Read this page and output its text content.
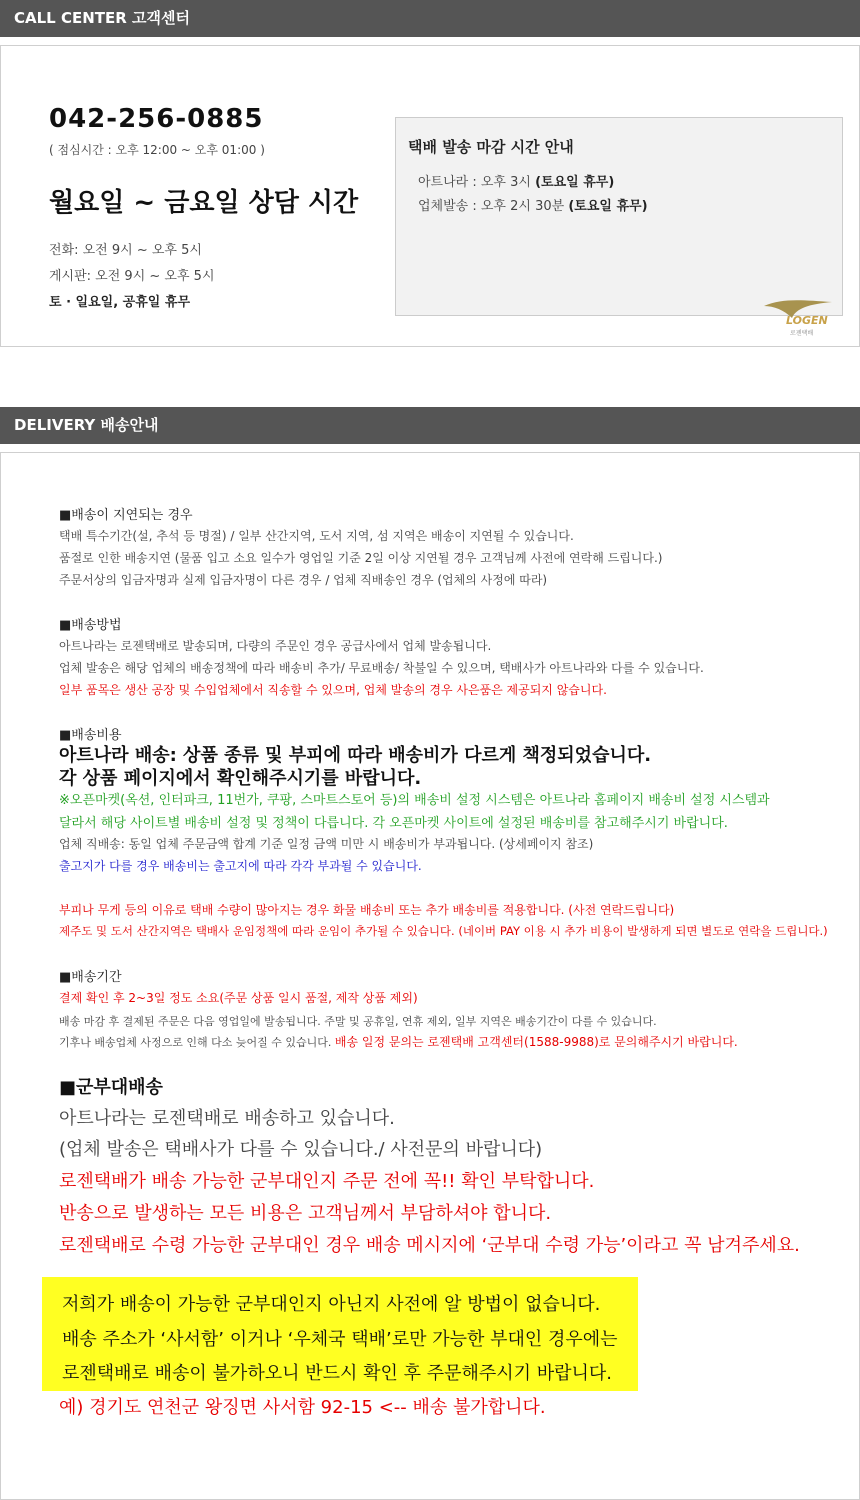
CALL CENTER 고객센터
042-256-0885
( 점심시간 : 오후 12:00 ~ 오후 01:00 )
월요일 ~ 금요일 상담 시간
전화: 오전 9시 ~ 오후 5시
게시판: 오전 9시 ~ 오후 5시
토 · 일요일, 공휴일 휴무
택배 발송 마감 시간 안내
아트나라 : 오후 3시 (토요일 휴무)
업체발송 : 오후 2시 30분 (토요일 휴무)
LOGEN
로젠택배
DELIVERY 배송안내
■배송이 지연되는 경우
택배 특수기간(설, 추석 등 명절) / 일부 산간지역, 도서 지역, 섬 지역은 배송이 지연될 수 있습니다.
품절로 인한 배송지연 (물품 입고 소요 일수가 영업일 기준 2일 이상 지연될 경우 고객님께 사전에 연락해 드립니다.)
주문서상의 입금자명과 실제 입금자명이 다른 경우 / 업체 직배송인 경우 (업체의 사정에 따라)
■배송방법
아트나라는 로젠택배로 발송되며, 다량의 주문인 경우 공급사에서 업체 발송됩니다.
업체 발송은 해당 업체의 배송정책에 따라 배송비 추가/ 무료배송/ 착불일 수 있으며, 택배사가 아트나라와 다를 수 있습니다.
일부 품목은 생산 공장 및 수입업체에서 직송할 수 있으며, 업체 발송의 경우 사은품은 제공되지 않습니다.
■배송비용
아트나라 배송: 상품 종류 및 부피에 따라 배송비가 다르게 책정되었습니다.
각 상품 페이지에서 확인해주시기를 바랍니다.
※오픈마켓(옥션, 인터파크, 11번가, 쿠팡, 스마트스토어 등)의 배송비 설정 시스템은 아트나라 홈페이지 배송비 설정 시스템과
달라서 해당 사이트별 배송비 설정 및 정책이 다릅니다. 각 오픈마켓 사이트에 설정된 배송비를 참고해주시기 바랍니다.
업체 직배송: 동일 업체 주문금액 합계 기준 일정 금액 미만 시 배송비가 부과됩니다. (상세페이지 참조)
출고지가 다를 경우 배송비는 출고지에 따라 각각 부과될 수 있습니다.
부피나 무게 등의 이유로 택배 수량이 많아지는 경우 화물 배송비 또는 추가 배송비를 적용합니다. (사전 연락드립니다)
제주도 및 도서 산간지역은 택배사 운임정책에 따라 운임이 추가될 수 있습니다. (네이버 PAY 이용 시 추가 비용이 발생하게 되면 별도로 연락을 드립니다.)
■배송기간
결제 확인 후 2~3일 정도 소요(주문 상품 일시 품절, 제작 상품 제외)
배송 마감 후 결제된 주문은 다음 영업일에 발송됩니다. 주말 및 공휴일, 연휴 제외, 일부 지역은 배송기간이 다를 수 있습니다.
기후나 배송업체 사정으로 인해 다소 늦어질 수 있습니다. 배송 일정 문의는 로젠택배 고객센터(1588-9988)로 문의해주시기 바랍니다.
■군부대배송
아트나라는 로젠택배로 배송하고 있습니다.
(업체 발송은 택배사가 다를 수 있습니다./ 사전문의 바랍니다)
로젠택배가 배송 가능한 군부대인지 주문 전에 꼭!! 확인 부탁합니다.
반송으로 발생하는 모든 비용은 고객님께서 부담하셔야 합니다.
로젠택배로 수령 가능한 군부대인 경우 배송 메시지에 ‘군부대 수령 가능’이라고 꼭 남겨주세요.
저희가 배송이 가능한 군부대인지 아닌지 사전에 알 방법이 없습니다.
배송 주소가 ‘사서함’ 이거나 ‘우체국 택배’로만 가능한 부대인 경우에는
로젠택배로 배송이 불가하오니 반드시 확인 후 주문해주시기 바랍니다.
예) 경기도 연천군 왕징면 사서함 92-15 <-- 배송 불가합니다.
